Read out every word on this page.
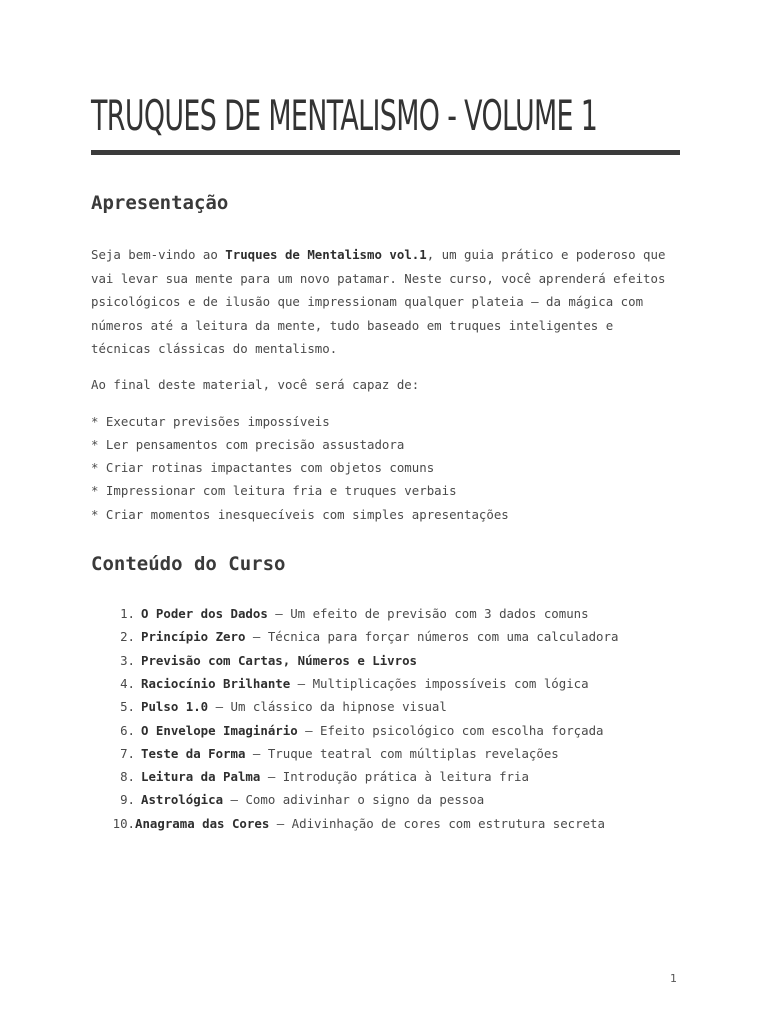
TRUQUES DE MENTALISMO - VOLUME 1
Apresentação

Seja bem-vindo ao Truques de Mentalismo vol.1, um guia prático e poderoso que vai levar sua mente para um novo patamar. Neste curso, você aprenderá efeitos psicológicos e de ilusão que impressionam qualquer plateia — da mágica com números até a leitura da mente, tudo baseado em truques inteligentes e técnicas clássicas do mentalismo.

Ao final deste material, você será capaz de:

* Executar previsões impossíveis
* Ler pensamentos com precisão assustadora
* Criar rotinas impactantes com objetos comuns
* Impressionar com leitura fria e truques verbais
* Criar momentos inesquecíveis com simples apresentações
Conteúdo do Curso
1. O Poder dos Dados – Um efeito de previsão com 3 dados comuns
2. Princípio Zero – Técnica para forçar números com uma calculadora
3. Previsão com Cartas, Números e Livros
4. Raciocínio Brilhante – Multiplicações impossíveis com lógica
5. Pulso 1.0 – Um clássico da hipnose visual
6. O Envelope Imaginário – Efeito psicológico com escolha forçada
7. Teste da Forma – Truque teatral com múltiplas revelações
8. Leitura da Palma – Introdução prática à leitura fria
9. Astrológica – Como adivinhar o signo da pessoa
10.Anagrama das Cores – Adivinhação de cores com estrutura secreta
1
